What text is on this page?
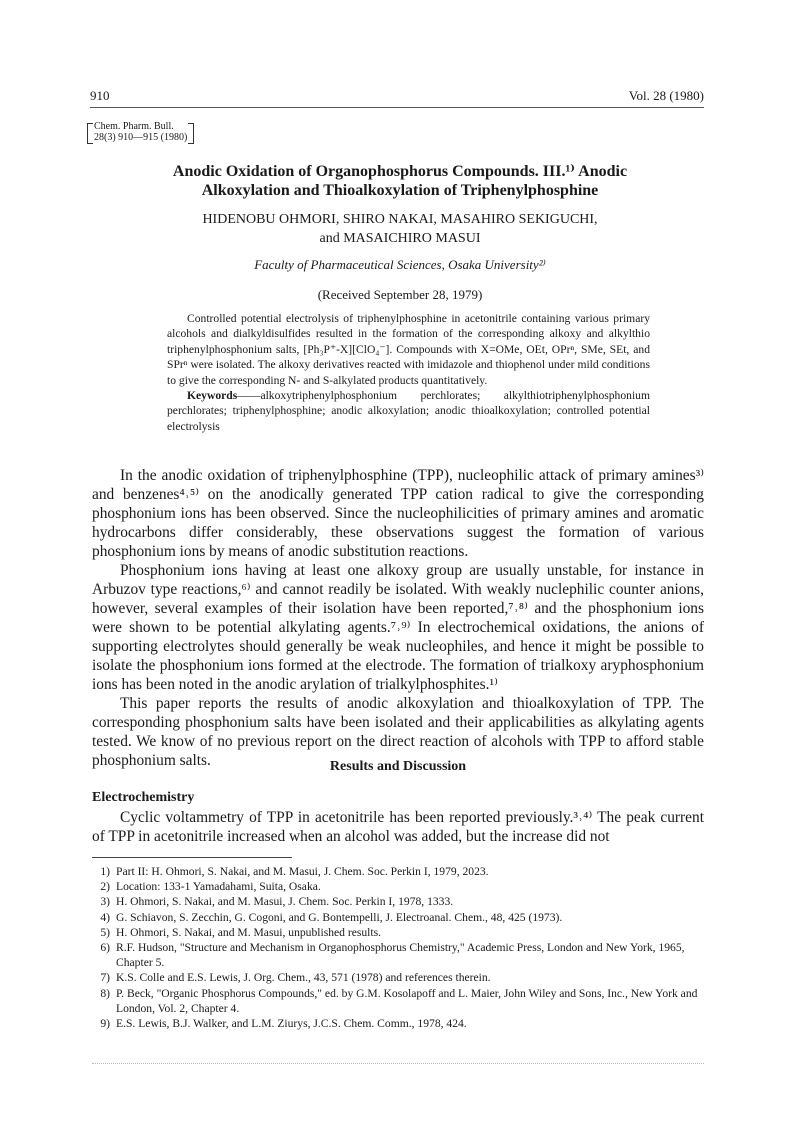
910	Vol. 28 (1980)
Chem. Pharm. Bull.
28(3) 910—915 (1980)

Anodic Oxidation of Organophosphorus Compounds. III.¹⁾ Anodic

Alkoxylation and Thioalkoxylation of Triphenylphosphine

HIDENOBU OHMORI, SHIRO NAKAI, MASAHIRO SEKIGUCHI,

and MASAICHIRO MASUI

Faculty of Pharmaceutical Sciences, Osaka University²⁾
(Received September 28, 1979)

Controlled potential electrolysis of triphenylphosphine in acetonitrile containing various primary alcohols and dialkyldisulfides resulted in the formation of the corresponding alkoxy and alkylthio triphenylphosphonium salts, [Ph₃P⁺-X][ClO₄⁻]. Compounds with X=OMe, OEt, OPrⁿ, SMe, SEt, and SPrⁿ were isolated. The alkoxy derivatives reacted with imidazole and thiophenol under mild conditions to give the corresponding N- and S-alkylated products quantitatively.

Keywords——alkoxytriphenylphosphonium perchlorates; alkylthiotriphenylphosphonium perchlorates; triphenylphosphine; anodic alkoxylation; anodic thioalkoxylation; controlled potential electrolysis

In the anodic oxidation of triphenylphosphine (TPP), nucleophilic attack of primary amines³⁾ and benzenes⁴˒⁵⁾ on the anodically generated TPP cation radical to give the corresponding phosphonium ions has been observed. Since the nucleophilicities of primary amines and aromatic hydrocarbons differ considerably, these observations suggest the formation of various phosphonium ions by means of anodic substitution reactions.

Phosphonium ions having at least one alkoxy group are usually unstable, for instance in Arbuzov type reactions,⁶⁾ and cannot readily be isolated. With weakly nuclephilic counter anions, however, several examples of their isolation have been reported,⁷˒⁸⁾ and the phosphonium ions were shown to be potential alkylating agents.⁷˒⁹⁾ In electrochemical oxidations, the anions of supporting electrolytes should generally be weak nucleophiles, and hence it might be possible to isolate the phosphonium ions formed at the electrode. The formation of trialkoxy aryphosphonium ions has been noted in the anodic arylation of trialkylphosphites.¹⁾

This paper reports the results of anodic alkoxylation and thioalkoxylation of TPP. The corresponding phosphonium salts have been isolated and their applicabilities as alkylating agents tested. We know of no previous report on the direct reaction of alcohols with TPP to afford stable phosphonium salts.	Results and Discussion
Electrochemistry

Cyclic voltammetry of TPP in acetonitrile has been reported previously.³˒⁴⁾ The peak current of TPP in acetonitrile increased when an alcohol was added, but the increase did not

1) Part II: H. Ohmori, S. Nakai, and M. Masui, J. Chem. Soc. Perkin I, 1979, 2023.
2) Location: 133-1 Yamadahami, Suita, Osaka.
3) H. Ohmori, S. Nakai, and M. Masui, J. Chem. Soc. Perkin I, 1978, 1333.
4) G. Schiavon, S. Zecchin, G. Cogoni, and G. Bontempelli, J. Electroanal. Chem., 48, 425 (1973).
5) H. Ohmori, S. Nakai, and M. Masui, unpublished results.
6) R.F. Hudson, "Structure and Mechanism in Organophosphorus Chemistry," Academic Press, London and New York, 1965, Chapter 5.
7) K.S. Colle and E.S. Lewis, J. Org. Chem., 43, 571 (1978) and references therein.
8) P. Beck, "Organic Phosphorus Compounds," ed. by G.M. Kosolapoff and L. Maier, John Wiley and Sons, Inc., New York and London, Vol. 2, Chapter 4.
9) E.S. Lewis, B.J. Walker, and L.M. Ziurys, J.C.S. Chem. Comm., 1978, 424.
